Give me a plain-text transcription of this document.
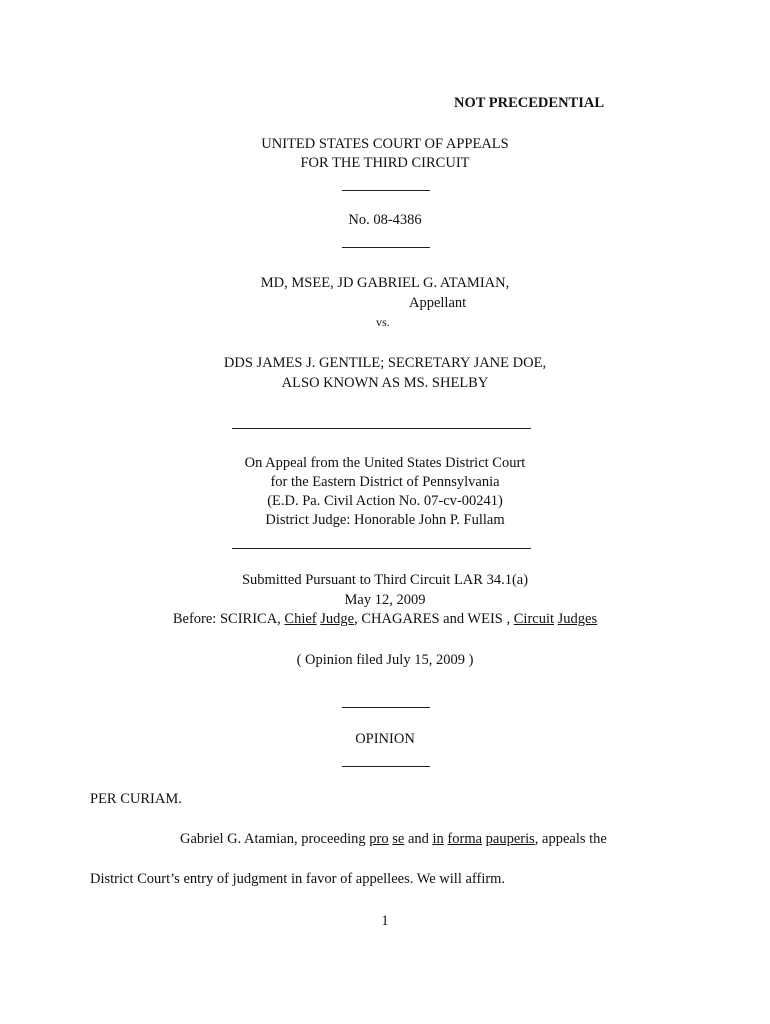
NOT PRECEDENTIAL
UNITED STATES COURT OF APPEALS
FOR THE THIRD CIRCUIT
No. 08-4386
MD, MSEE, JD GABRIEL G. ATAMIAN,
Appellant
vs.
DDS JAMES J. GENTILE; SECRETARY JANE DOE,
ALSO KNOWN AS MS. SHELBY
On Appeal from the United States District Court
for the Eastern District of Pennsylvania
(E.D. Pa. Civil Action No. 07-cv-00241)
District Judge: Honorable John P. Fullam
Submitted Pursuant to Third Circuit LAR 34.1(a)
May 12, 2009
Before: SCIRICA, Chief Judge, CHAGARES and WEIS , Circuit Judges
( Opinion filed July 15, 2009 )
OPINION
PER CURIAM.
Gabriel G. Atamian, proceeding pro se and in forma pauperis, appeals the
District Court’s entry of judgment in favor of appellees. We will affirm.
1
